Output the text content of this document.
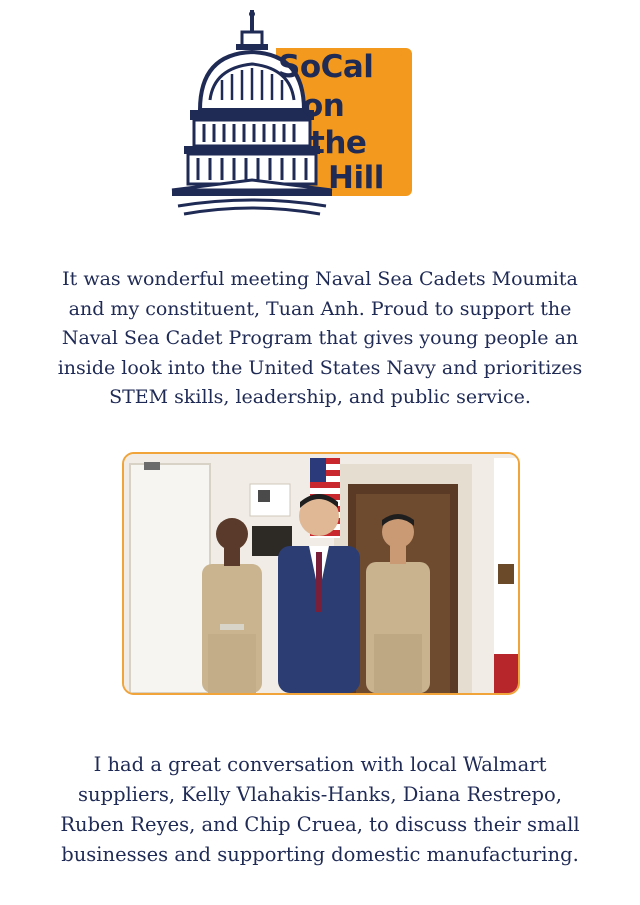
SoCal
on
the
Hill

It was wonderful meeting Naval Sea Cadets Moumita and my constituent, Tuan Anh. Proud to support the Naval Sea Cadet Program that gives young people an inside look into the United States Navy and prioritizes STEM skills, leadership, and public service.

I had a great conversation with local Walmart suppliers, Kelly Vlahakis-Hanks, Diana Restrepo, Ruben Reyes, and Chip Cruea, to discuss their small businesses and supporting domestic manufacturing.
